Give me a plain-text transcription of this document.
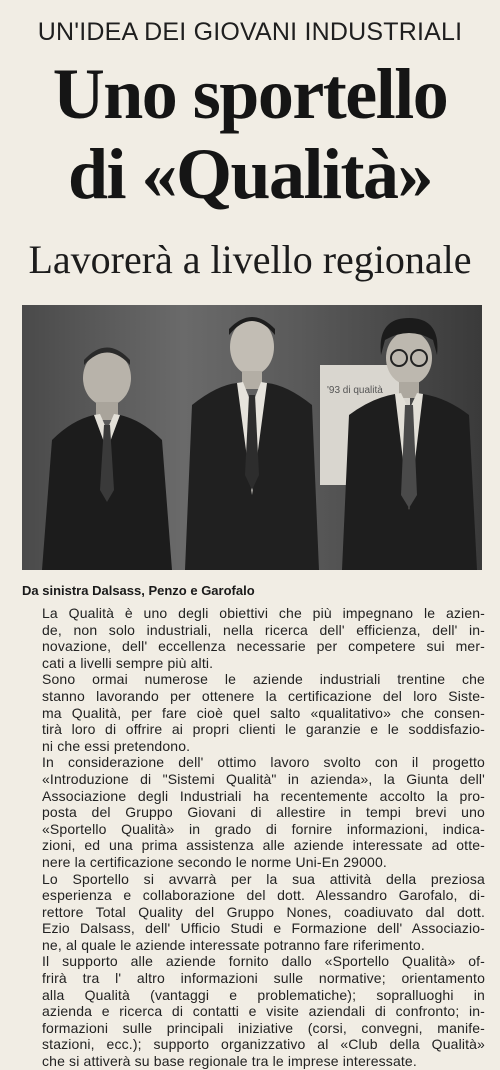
UN'IDEA DEI GIOVANI INDUSTRIALI
Uno sportello
di «Qualità»
Lavorerà a livello regionale
'93 di qualità
Da sinistra Dalsass, Penzo e Garofalo

La Qualità è uno degli obiettivi che più impegnano le azien-
de, non solo industriali, nella ricerca dell' efficienza, dell' in-
novazione, dell' eccellenza necessarie per competere sui mer-
cati a livelli sempre più alti.

Sono ormai numerose le aziende industriali trentine che
stanno lavorando per ottenere la certificazione del loro Siste-
ma Qualità, per fare cioè quel salto «qualitativo» che consen-
tirà loro di offrire ai propri clienti le garanzie e le soddisfazio-
ni che essi pretendono.

In considerazione dell' ottimo lavoro svolto con il progetto
«Introduzione di "Sistemi Qualità" in azienda», la Giunta dell'
Associazione degli Industriali ha recentemente accolto la pro-
posta del Gruppo Giovani di allestire in tempi brevi uno
«Sportello Qualità» in grado di fornire informazioni, indica-
zioni, ed una prima assistenza alle aziende interessate ad otte-
nere la certificazione secondo le norme Uni-En 29000.

Lo Sportello si avvarrà per la sua attività della preziosa
esperienza e collaborazione del dott. Alessandro Garofalo, di-
rettore Total Quality del Gruppo Nones, coadiuvato dal dott.
Ezio Dalsass, dell' Ufficio Studi e Formazione dell' Associazio-
ne, al quale le aziende interessate potranno fare riferimento.

Il supporto alle aziende fornito dallo «Sportello Qualità» of-
frirà tra l' altro informazioni sulle normative; orientamento
alla Qualità (vantaggi e problematiche); sopralluoghi in
azienda e ricerca di contatti e visite aziendali di confronto; in-
formazioni sulle principali iniziative (corsi, convegni, manife-
stazioni, ecc.); supporto organizzativo al «Club della Qualità»
che si attiverà su base regionale tra le imprese interessate.
